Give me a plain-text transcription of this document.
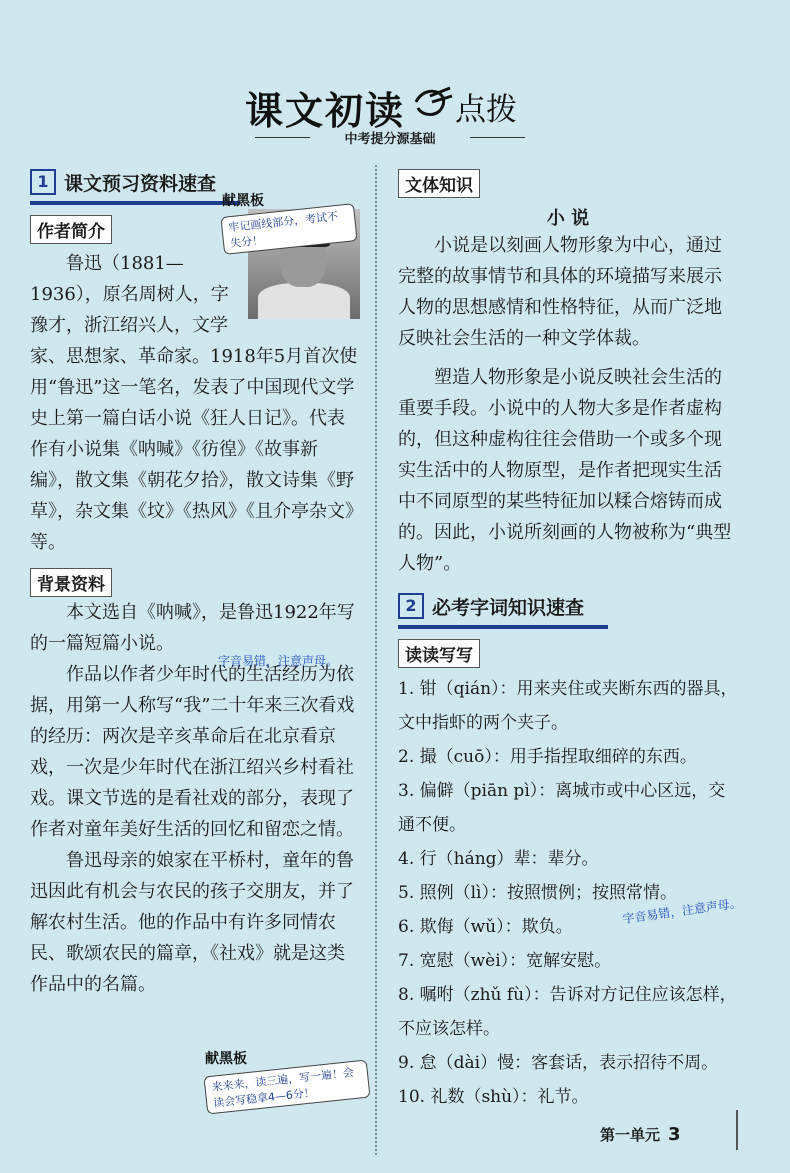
课文初读 点拨
中考提分源基础
1 课文预习资料速查
作者简介

鲁迅（1881—1936），原名周树人，字豫才，浙江绍兴人，文学家、思想家、革命家。1918年5月首次使用“鲁迅”这一笔名，发表了中国现代文学史上第一篇白话小说《狂人日记》。代表作有小说集《呐喊》《彷徨》《故事新编》，散文集《朝花夕拾》，散文诗集《野草》，杂文集《坟》《热风》《且介亭杂文》等。

背景资料

本文选自《呐喊》，是鲁迅1922年写的一篇短篇小说。

作品以作者少年时代的生活经历为依据，用第一人称写“我”二十年来三次看戏的经历：两次是辛亥革命后在北京看京戏，一次是少年时代在浙江绍兴乡村看社戏。课文节选的是看社戏的部分，表现了作者对童年美好生活的回忆和留恋之情。

鲁迅母亲的娘家在平桥村，童年的鲁迅因此有机会与农民的孩子交朋友，并了解农村生活。他的作品中有许多同情农民、歌颂农民的篇章，《社戏》就是这类作品中的名篇。

献黑板
牢记画线部分，考试不失分！
字音易错，注意声母。
献黑板
来来来，读三遍，写一遍！会读会写稳拿4—6分！
文体知识
小 说

小说是以刻画人物形象为中心，通过完整的故事情节和具体的环境描写来展示人物的思想感情和性格特征，从而广泛地反映社会生活的一种文学体裁。

塑造人物形象是小说反映社会生活的重要手段。小说中的人物大多是作者虚构的，但这种虚构往往会借助一个或多个现实生活中的人物原型，是作者把现实生活中不同原型的某些特征加以糅合熔铸而成的。因此，小说所刻画的人物被称为“典型人物”。

2 必考字词知识速查
读读写写

1. 钳（qián）：用来夹住或夹断东西的器具，文中指虾的两个夹子。

2. 撮（cuō）：用手指捏取细碎的东西。

3. 偏僻（piān pì）：离城市或中心区远，交通不便。

4. 行（háng）辈：辈分。

5. 照例（lì）：按照惯例；按照常情。

6. 欺侮（wǔ）：欺负。

7. 宽慰（wèi）：宽解安慰。

8. 嘱咐（zhǔ fù）：告诉对方记住应该怎样，不应该怎样。

9. 怠（dài）慢：客套话，表示招待不周。

10. 礼数（shù）：礼节。

字音易错，注意声母。
第一单元 3
